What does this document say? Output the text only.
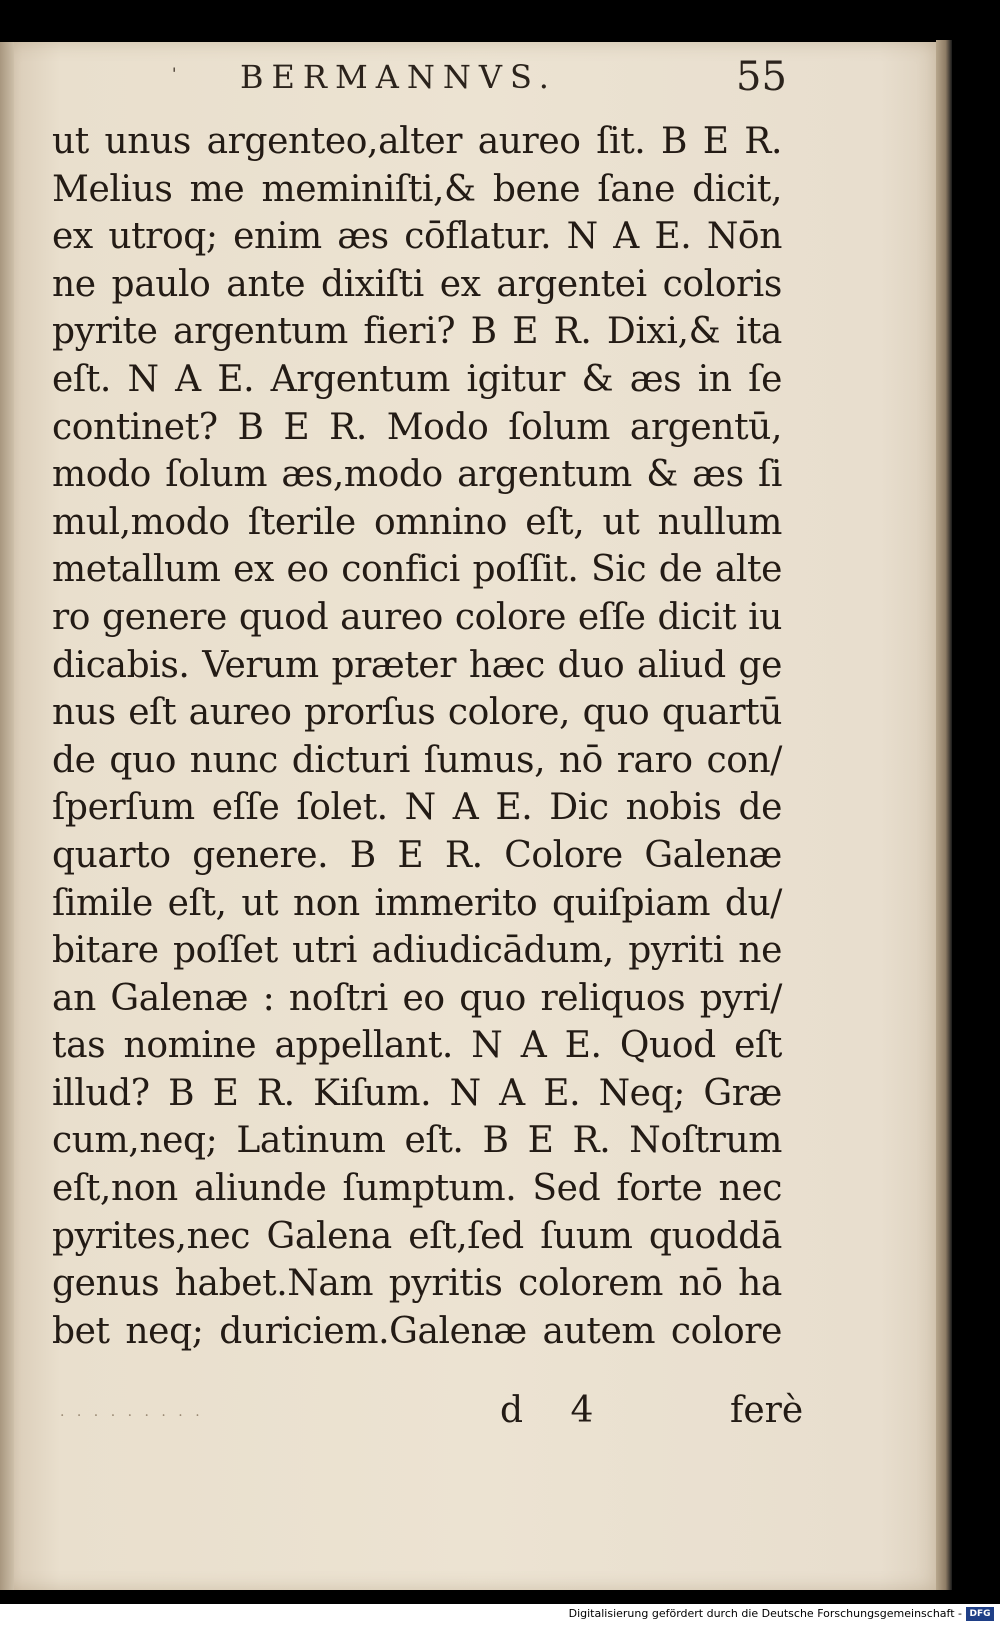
' BERMANNVS.	55
ut unus argenteo,alter aureo ſit. B E R.
Melius me meminiſti,& bene ſane dicit,
ex utroq; enim æs cōflatur. N A E. Nōn
ne paulo ante dixiſti ex argentei coloris
pyrite argentum fieri? B E R. Dixi,& ita
eſt. N A E. Argentum igitur & æs in ſe
continet? B E R. Modo ſolum argentū,
modo ſolum æs,modo argentum & æs ſi
mul,modo ſterile omnino eſt, ut nullum
metallum ex eo confici poſſit. Sic de alte
ro genere quod aureo colore eſſe dicit iu
dicabis. Verum præter hæc duo aliud ge
nus eſt aureo prorſus colore, quo quartū
de quo nunc dicturi ſumus, nō raro con/
ſperſum eſſe ſolet. N A E. Dic nobis de
quarto genere. B E R. Colore Galenæ
ſimile eſt, ut non immerito quiſpiam du/
bitare poſſet utri adiudicādum, pyriti ne
an Galenæ : noſtri eo quo reliquos pyri/
tas nomine appellant. N A E. Quod eſt
illud? B E R. Kiſum. N A E. Neq; Græ
cum,neq; Latinum eſt. B E R. Noſtrum
eſt,non aliunde ſumptum. Sed forte nec
pyrites,nec Galena eſt,ſed ſuum quoddā
genus habet.Nam pyritis colorem nō ha
bet neq; duriciem.Galenæ autem colore
· · · · · · · · ·	d 4	ferè
Digitalisierung gefördert durch die Deutsche Forschungsgemeinschaft - DFG
